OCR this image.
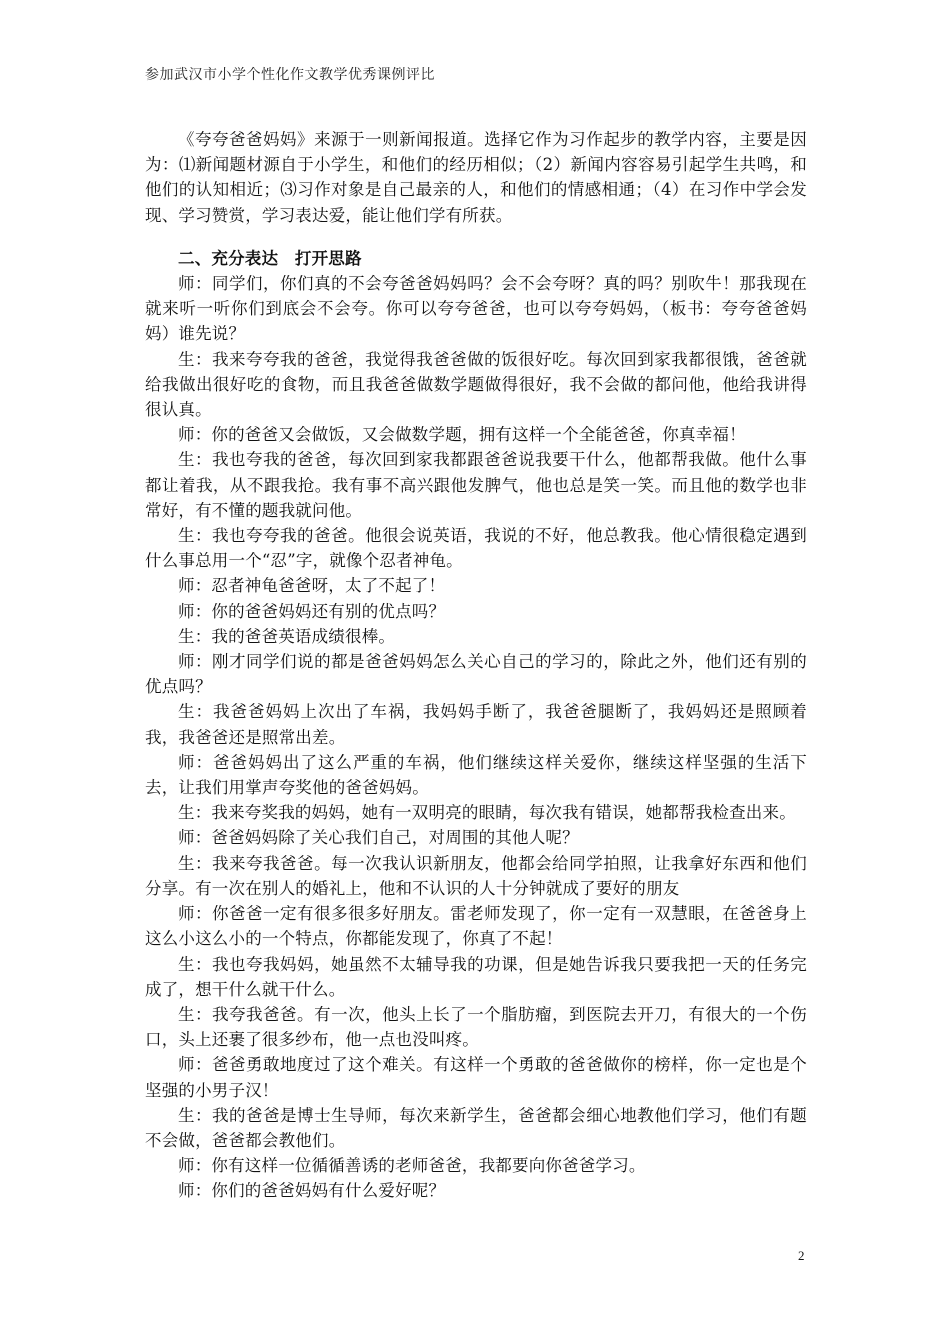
参加武汉市小学个性化作文教学优秀课例评比

《夸夸爸爸妈妈》来源于一则新闻报道。选择它作为习作起步的教学内容，主要是因为：⑴新闻题材源自于小学生，和他们的经历相似；（2）新闻内容容易引起学生共鸣，和他们的认知相近；⑶习作对象是自己最亲的人，和他们的情感相通；（4）在习作中学会发现、学习赞赏，学习表达爱，能让他们学有所获。

二、充分表达　打开思路

师：同学们，你们真的不会夸爸爸妈妈吗？会不会夸呀？真的吗？别吹牛！那我现在就来听一听你们到底会不会夸。你可以夸夸爸爸，也可以夸夸妈妈，（板书：夸夸爸爸妈妈）谁先说？

生：我来夸夸我的爸爸，我觉得我爸爸做的饭很好吃。每次回到家我都很饿，爸爸就给我做出很好吃的食物，而且我爸爸做数学题做得很好，我不会做的都问他，他给我讲得很认真。

师：你的爸爸又会做饭，又会做数学题，拥有这样一个全能爸爸，你真幸福！

生：我也夸我的爸爸，每次回到家我都跟爸爸说我要干什么，他都帮我做。他什么事都让着我，从不跟我抢。我有事不高兴跟他发脾气，他也总是笑一笑。而且他的数学也非常好，有不懂的题我就问他。

生：我也夸夸我的爸爸。他很会说英语，我说的不好，他总教我。他心情很稳定遇到什么事总用一个“忍”字，就像个忍者神龟。

师：忍者神龟爸爸呀，太了不起了！

师：你的爸爸妈妈还有别的优点吗？

生：我的爸爸英语成绩很棒。

师：刚才同学们说的都是爸爸妈妈怎么关心自己的学习的，除此之外，他们还有别的优点吗？

生：我爸爸妈妈上次出了车祸，我妈妈手断了，我爸爸腿断了，我妈妈还是照顾着我，我爸爸还是照常出差。

师：爸爸妈妈出了这么严重的车祸，他们继续这样关爱你，继续这样坚强的生活下去，让我们用掌声夸奖他的爸爸妈妈。

生：我来夸奖我的妈妈，她有一双明亮的眼睛，每次我有错误，她都帮我检查出来。

师：爸爸妈妈除了关心我们自己，对周围的其他人呢？

生：我来夸我爸爸。每一次我认识新朋友，他都会给同学拍照，让我拿好东西和他们分享。有一次在别人的婚礼上，他和不认识的人十分钟就成了要好的朋友

师：你爸爸一定有很多很多好朋友。雷老师发现了，你一定有一双慧眼，在爸爸身上这么小这么小的一个特点，你都能发现了，你真了不起！

生：我也夸我妈妈，她虽然不太辅导我的功课，但是她告诉我只要我把一天的任务完成了，想干什么就干什么。

生：我夸我爸爸。有一次，他头上长了一个脂肪瘤，到医院去开刀，有很大的一个伤口，头上还裹了很多纱布，他一点也没叫疼。

师：爸爸勇敢地度过了这个难关。有这样一个勇敢的爸爸做你的榜样，你一定也是个坚强的小男子汉！

生：我的爸爸是博士生导师，每次来新学生，爸爸都会细心地教他们学习，他们有题不会做，爸爸都会教他们。

师：你有这样一位循循善诱的老师爸爸，我都要向你爸爸学习。

师：你们的爸爸妈妈有什么爱好呢？

2
